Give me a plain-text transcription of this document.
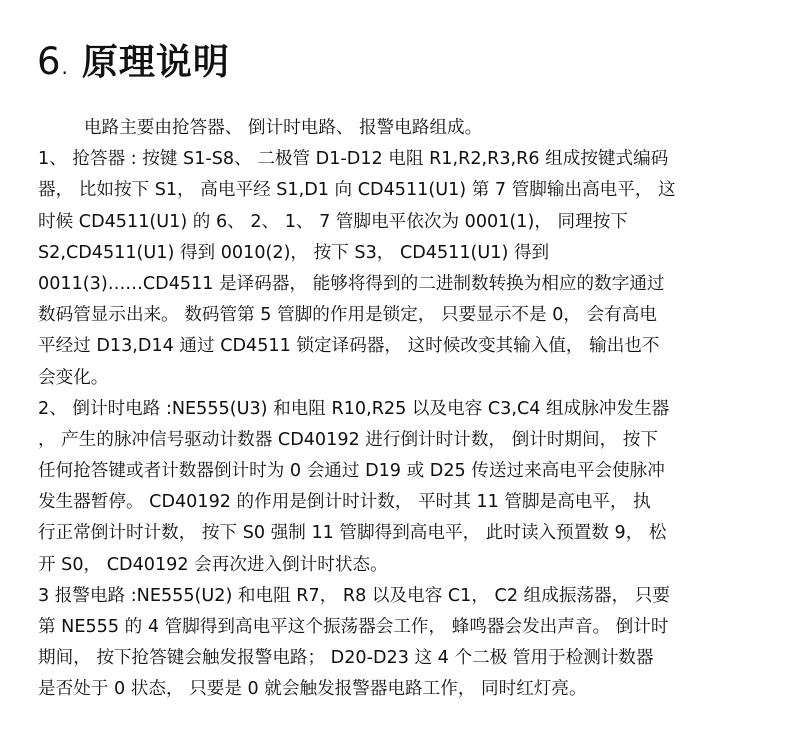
6 . 原理说明
电路主要由抢答器、 倒计时电路、 报警电路组成。
1、 抢答器 : 按键 S1-S8、 二极管 D1-D12 电阻 R1,R2,R3,R6 组成按键式编码
器， 比如按下 S1， 高电平经 S1,D1 向 CD4511(U1) 第 7 管脚输出高电平， 这
时候 CD4511(U1) 的 6、 2、 1、 7 管脚电平依次为 0001(1)， 同理按下
S2,CD4511(U1) 得到 0010(2)， 按下 S3， CD4511(U1) 得到
0011(3)……CD4511 是译码器， 能够将得到的二进制数转换为相应的数字通过
数码管显示出来。 数码管第 5 管脚的作用是锁定， 只要显示不是 0， 会有高电
平经过 D13,D14 通过 CD4511 锁定译码器， 这时候改变其输入值， 输出也不
会变化。
2、 倒计时电路 :NE555(U3) 和电阻 R10,R25 以及电容 C3,C4 组成脉冲发生器
， 产生的脉冲信号驱动计数器 CD40192 进行倒计时计数， 倒计时期间， 按下
任何抢答键或者计数器倒计时为 0 会通过 D19 或 D25 传送过来高电平会使脉冲
发生器暂停。 CD40192 的作用是倒计时计数， 平时其 11 管脚是高电平， 执
行正常倒计时计数， 按下 S0 强制 11 管脚得到高电平， 此时读入预置数 9， 松
开 S0， CD40192 会再次进入倒计时状态。
3 报警电路 :NE555(U2) 和电阻 R7， R8 以及电容 C1， C2 组成振荡器， 只要
第 NE555 的 4 管脚得到高电平这个振荡器会工作， 蜂鸣器会发出声音。 倒计时
期间， 按下抢答键会触发报警电路； D20-D23 这 4 个二极 管用于检测计数器
是否处于 0 状态， 只要是 0 就会触发报警器电路工作， 同时红灯亮。
